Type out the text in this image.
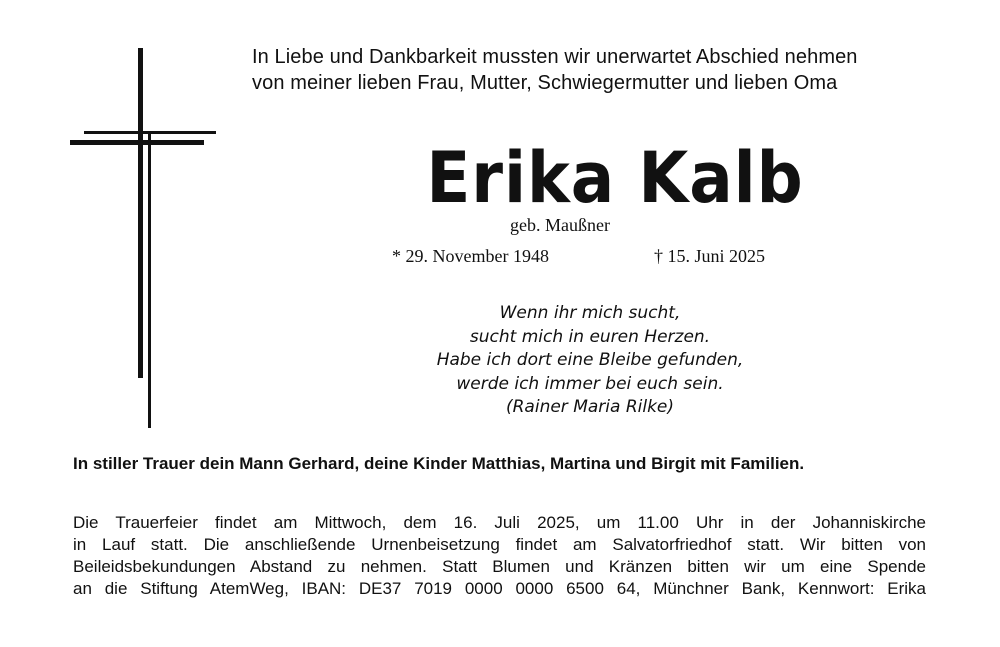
In Liebe und Dankbarkeit mussten wir unerwartet Abschied nehmen
von meiner lieben Frau, Mutter, Schwiegermutter und lieben Oma
Erika Kalb
geb. Maußner
* 29. November 1948	† 15. Juni 2025
Wenn ihr mich sucht,
sucht mich in euren Herzen.
Habe ich dort eine Bleibe gefunden,
werde ich immer bei euch sein.
(Rainer Maria Rilke)
In stiller Trauer dein Mann Gerhard, deine Kinder Matthias, Martina und Birgit mit Familien.
Die Trauerfeier findet am Mittwoch, dem 16. Juli 2025, um 11.00 Uhr in der Johanniskirche
in Lauf statt. Die anschließende Urnenbeisetzung findet am Salvatorfriedhof statt. Wir bitten von
Beileidsbekundungen Abstand zu nehmen. Statt Blumen und Kränzen bitten wir um eine Spende
an die Stiftung AtemWeg, IBAN: DE37 7019 0000 0000 6500 64, Münchner Bank, Kennwort: Erika
